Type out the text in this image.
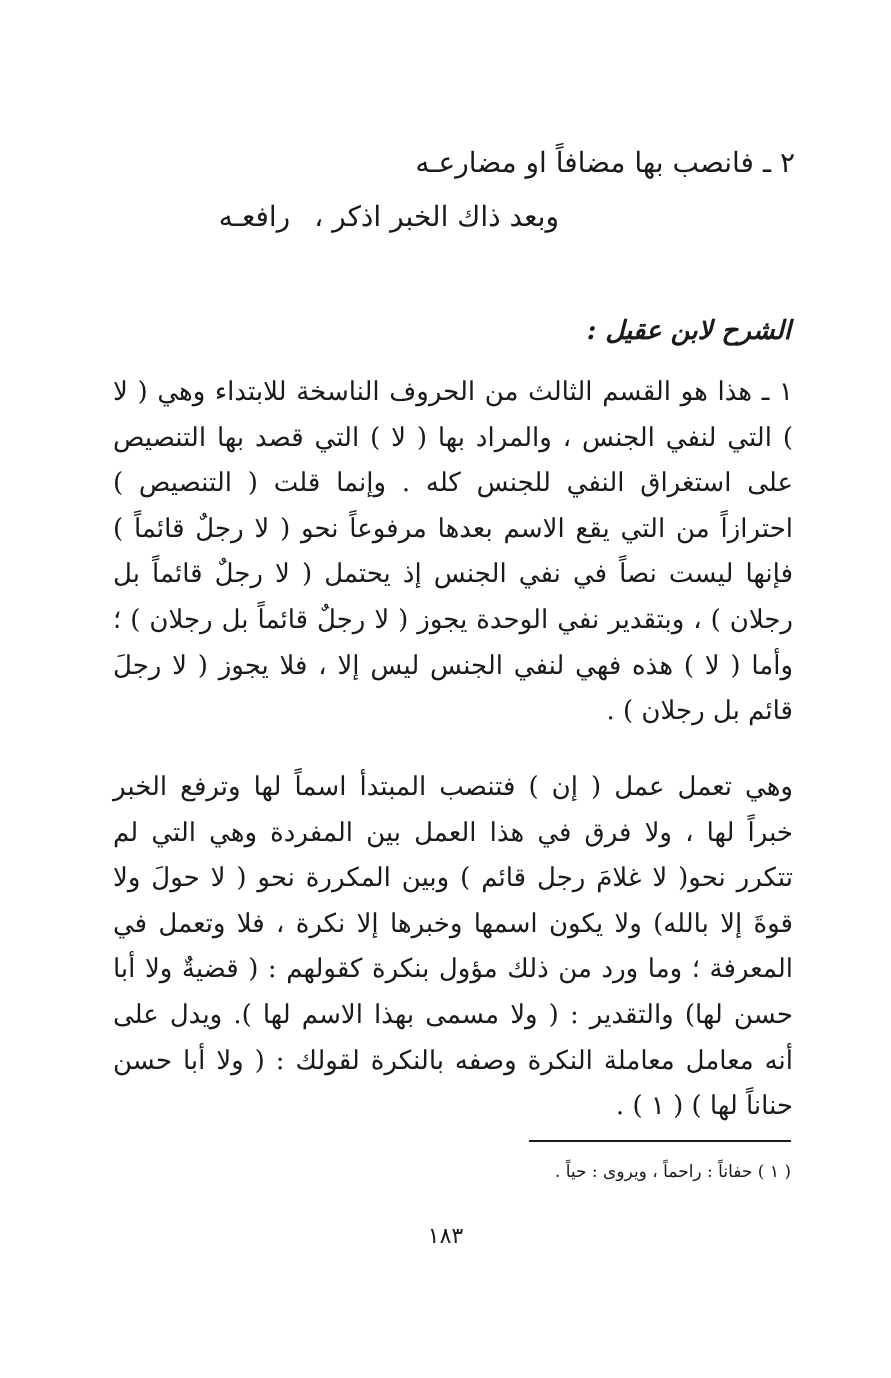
٢ ـ فانصب بها مضافاً او مضارعـه
وبعد ذاك الخبر اذكر ،رافعـه
الشرح لابن عقيل :
١ ـ هذا هو القسم الثالث من الحروف الناسخة للابتداء وهي ( لا ) التي لنفي الجنس ، والمراد بها ( لا ) التي قصد بها التنصيص على استغراق النفي للجنس كله . وإنما قلت ( التنصيص ) احترازاً من التي يقع الاسم بعدها مرفوعاً نحو ( لا رجلٌ قائماً ) فإنها ليست نصاً في نفي الجنس إذ يحتمل ( لا رجلٌ قائماً بل رجلان ) ، وبتقدير نفي الوحدة يجوز ( لا رجلٌ قائماً بل رجلان ) ؛ وأما ( لا ) هذه فهي لنفي الجنس ليس إلا ، فلا يجوز ( لا رجلَ قائم بل رجلان ) .
وهي تعمل عمل ( إن ) فتنصب المبتدأ اسماً لها وترفع الخبر خبراً لها ، ولا فرق في هذا العمل بين المفردة وهي التي لم تتكرر نحو( لا غلامَ رجل قائم ) وبين المكررة نحو ( لا حولَ ولا قوةَ إلا بالله) ولا يكون اسمها وخبرها إلا نكرة ، فلا وتعمل في المعرفة ؛ وما ورد من ذلك مؤول بنكرة كقولهم : ( قضيةٌ ولا أبا حسن لها) والتقدير : ( ولا مسمى بهذا الاسم لها ). ويدل على أنه معامل معاملة النكرة وصفه بالنكرة لقولك : ( ولا أبا حسن حناناً لها ) ( ١ ) .
( ١ ) حفاناً : راحماً ، ويروى : حياً .
١٨٣
